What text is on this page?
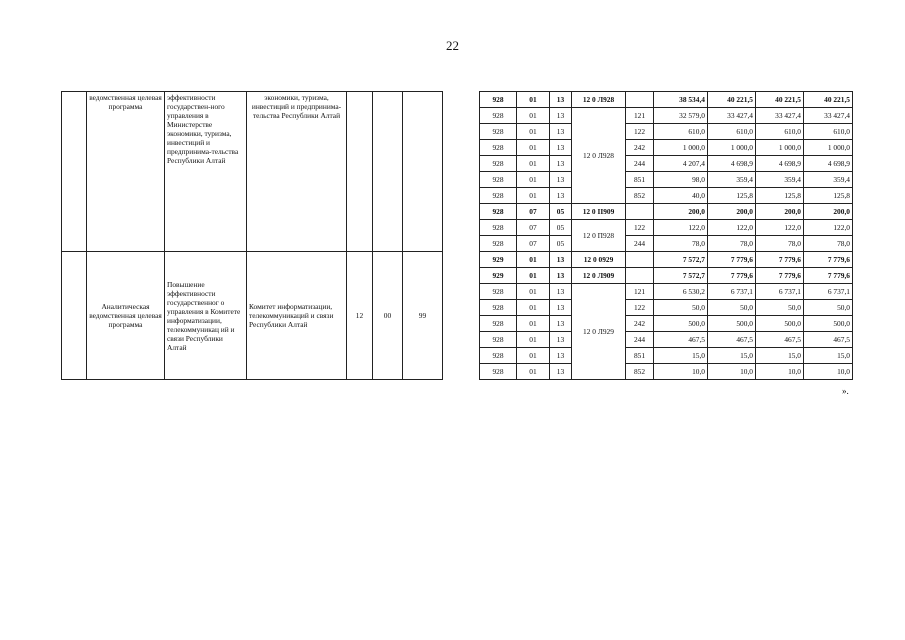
22
	ведомственная целевая программа	эффективности государствен-ного управления в Министерстве экономики, туризма, инвестиций и предпринима-тельства Республики Алтай	экономики, туризма, инвестиций и предпринима-тельства Республики Алтай					928	01	13	12 0 Л928		38 534,4	40 221,5	40 221,5	40 221,5
								928	01	13	12 0 Л928	121	32 579,0	33 427,4	33 427,4	33 427,4
								928	01	13		122	610,0	610,0	610,0	610,0
								928	01	13		242	1 000,0	1 000,0	1 000,0	1 000,0
								928	01	13		244	4 207,4	4 698,9	4 698,9	4 698,9
								928	01	13		851	98,0	359,4	359,4	359,4
								928	01	13		852	40,0	125,8	125,8	125,8
								928	07	05	12 0 II909		200,0	200,0	200,0	200,0
								928	07	05	12 0 П928	122	122,0	122,0	122,0	122,0
								928	07	05		244	78,0	78,0	78,0	78,0
	Аналитическая ведомственная целевая программа	Повышение эффективности государственног о управления в Комитете информатизации, телекоммуникац ий и связи Республики Алтай	Комитет информатизации, телекоммуникаций и связи Республики Алтай	12	00	99		929	01	13	12 0 0929		7 572,7	7 779,6	7 779,6	7 779,6
								929	01	13	12 0 Л909		7 572,7	7 779,6	7 779,6	7 779,6
								928	01	13	12 0 Л929	121	6 530,2	6 737,1	6 737,1	6 737,1
								928	01	13		122	50,0	50,0	50,0	50,0
								928	01	13		242	500,0	500,0	500,0	500,0
								928	01	13		244	467,5	467,5	467,5	467,5
								928	01	13		851	15,0	15,0	15,0	15,0
								928	01	13		852	10,0	10,0	10,0	10,0
».
